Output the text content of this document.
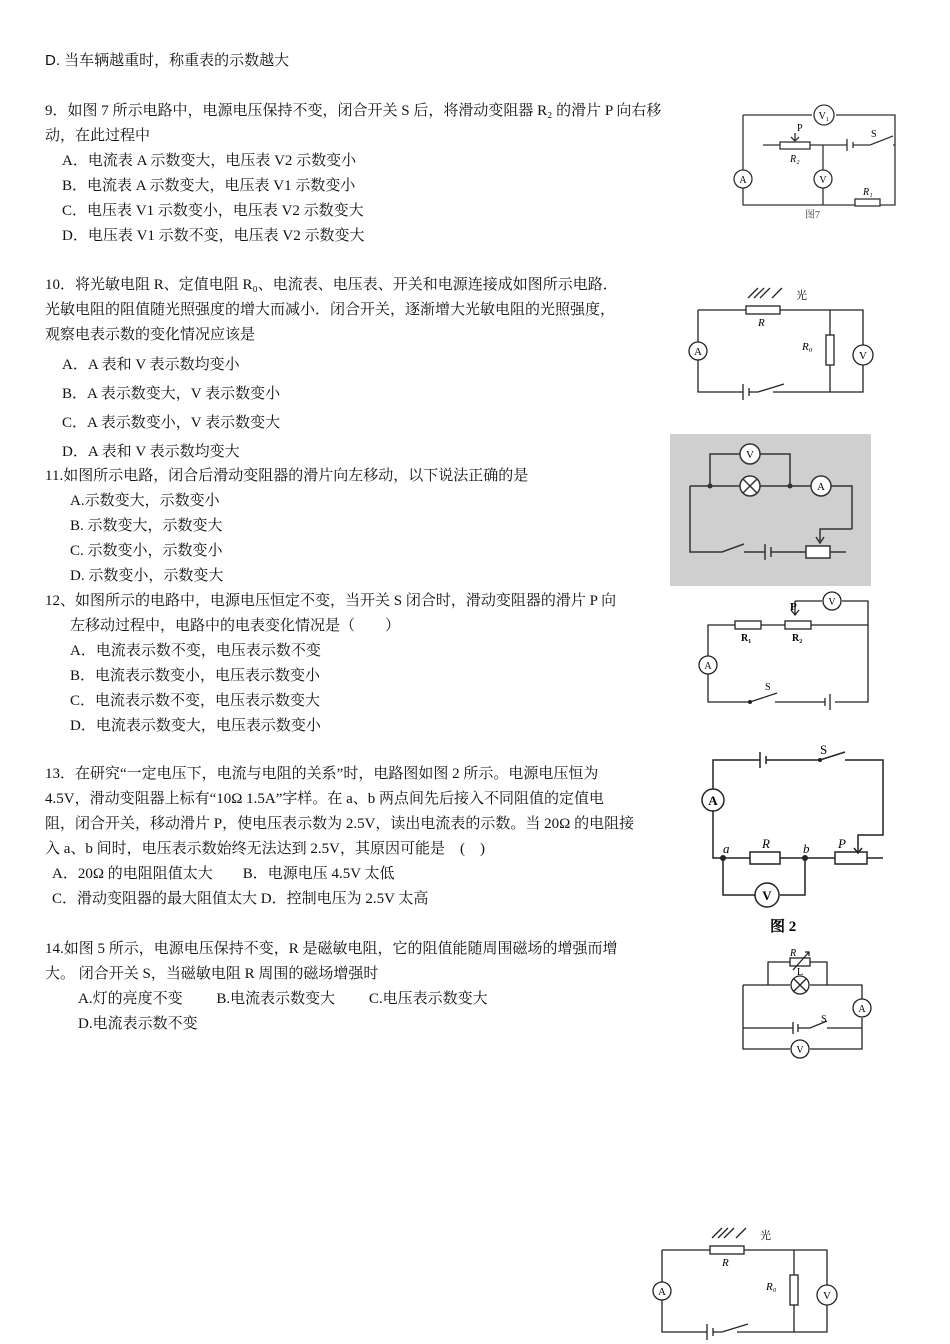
D. 当车辆越重时，称重表的示数越大
9．如图 7 所示电路中，电源电压保持不变，闭合开关 S 后，将滑动变阻器 R₂ 的滑片 P 向右移
动，在此过程中
A．电流表 A 示数变大，电压表 V2 示数变小
B．电流表 A 示数变大，电压表 V1 示数变小
C．电压表 V1 示数变小，电压表 V2 示数变大
D．电压表 V1 示数不变，电压表 V2 示数变大
V₁
A	V
P
R₂
R₁
S
图7
10．将光敏电阻 R、定值电阻 R₀、电流表、电压表、开关和电源连接成如图所示电路．
光敏电阻的阻值随光照强度的增大而减小．闭合开关，逐渐增大光敏电阻的光照强度，
观察电表示数的变化情况应该是
A．A 表和 V 表示数均变小
B．A 表示数变大，V 表示数变小
C．A 表示数变小，V 表示数变大
D．A 表和 V 表示数均变大
光
R
R₀
A	V
11.如图所示电路，闭合后滑动变阻器的滑片向左移动，以下说法正确的是
A.示数变大，示数变小
B. 示数变大，示数变大
C. 示数变小，示数变小
D. 示数变小，示数变大
V
A
12、如图所示的电路中，电源电压恒定不变，当开关 S 闭合时，滑动变阻器的滑片 P 向
左移动过程中，电路中的电表变化情况是（　　）
A．电流表示数不变，电压表示数不变
B．电流表示数变小，电压表示数变小
C．电流表示数不变，电压表示数变大
D．电流表示数变大，电压表示数变小
P	V
R₁	R₂
A
S
13．在研究“一定电压下，电流与电阻的关系”时，电路图如图 2 所示。电源电压恒为
4.5V，滑动变阻器上标有“10Ω 1.5A”字样。在 a、b 两点间先后接入不同阻值的定值电
阻，闭合开关，移动滑片 P，使电压表示数为 2.5V，读出电流表的示数。当 20Ω 的电阻接
入 a、b 间时，电压表示数始终无法达到 2.5V，其原因可能是　(　)
A．20Ω 的电阻阻值太大　　B．电源电压 4.5V 太低
C．滑动变阻器的最大阻值太大 D．控制电压为 2.5V 太高
S
A
a	b
R	P
V
图 2
14.如图 5 所示，电源电压保持不变，R 是磁敏电阻，它的阻值能随周围磁场的增强而增
大。 闭合开关 S，当磁敏电阻 R 周围的磁场增强时
A.灯的亮度不变　　 B.电流表示数变大　　 C.电压表示数变大
D.电流表示数不变
R
L
A
S
V
光
R
R₀
A	V
